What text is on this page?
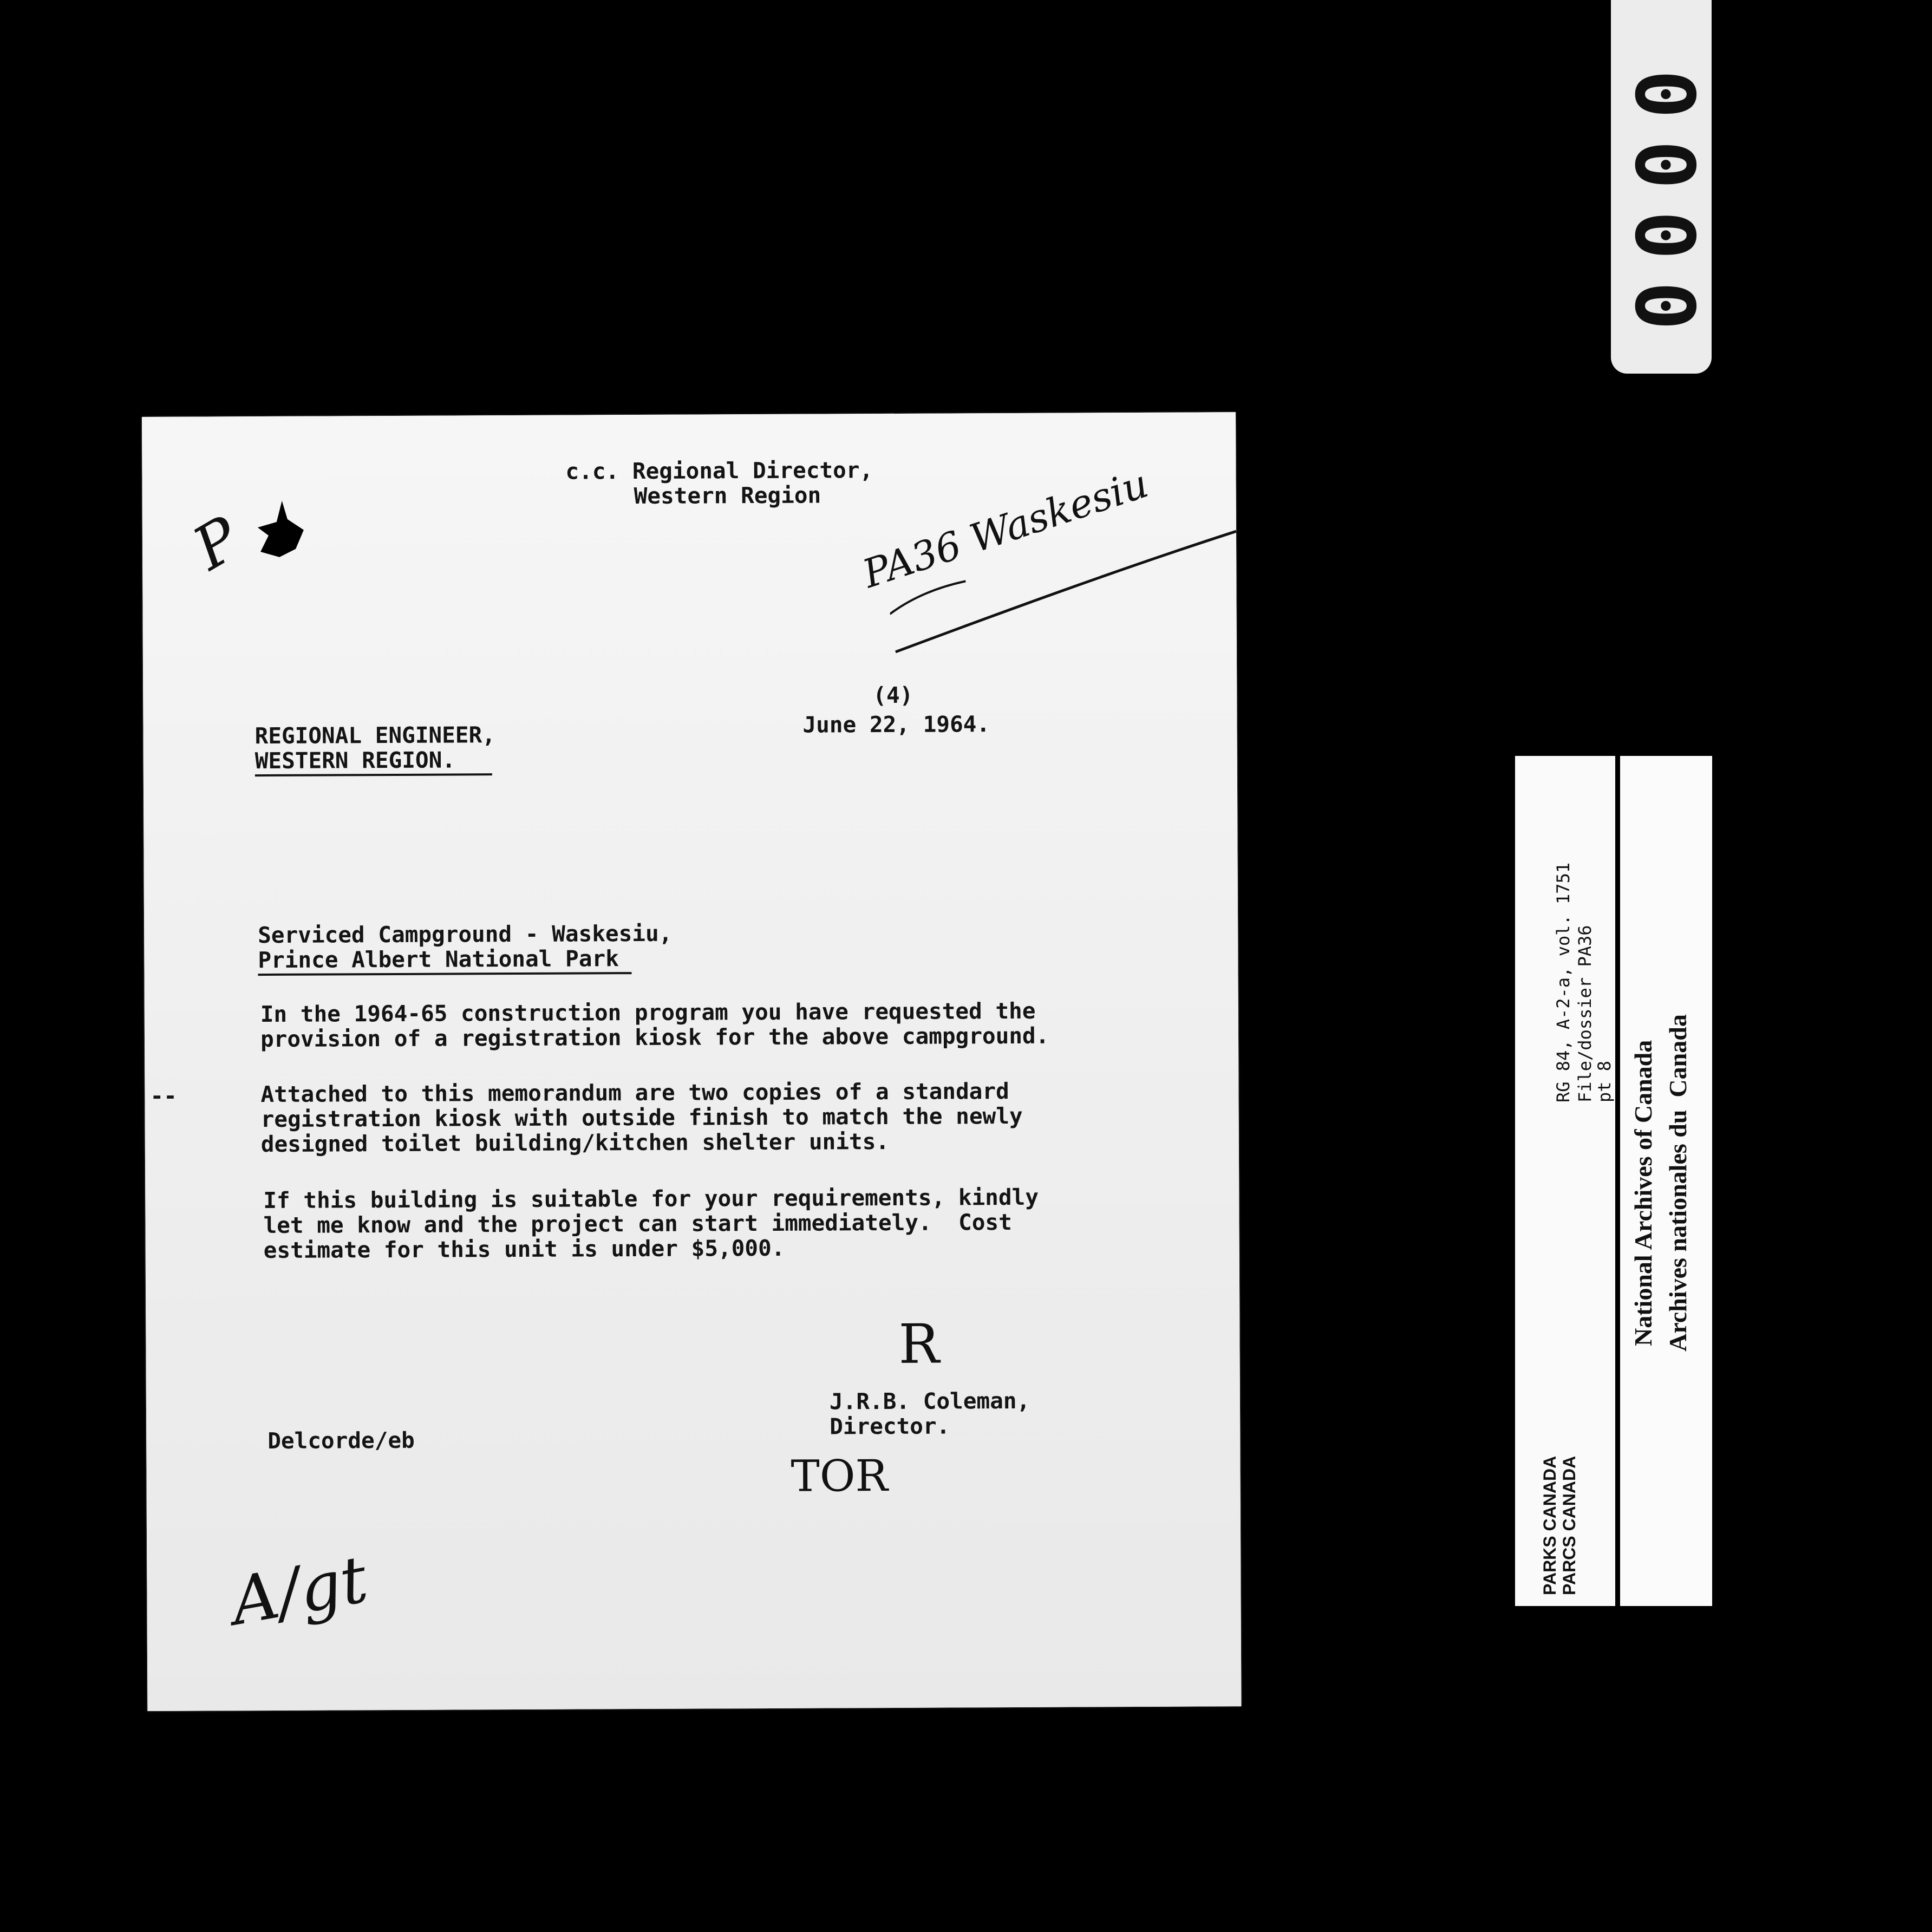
0000
c.c. Regional Director,
Western Region
P	PA36 Waskesiu
(4)
June 22, 1964.
REGIONAL ENGINEER,
WESTERN REGION.
Serviced Campground - Waskesiu,
Prince Albert National Park
In the 1964-65 construction program you have requested the
provision of a registration kiosk for the above campground.
--	Attached to this memorandum are two copies of a standard
registration kiosk with outside finish to match the newly
designed toilet building/kitchen shelter units.
If this building is suitable for your requirements, kindly
let me know and the project can start immediately.  Cost
estimate for this unit is under $5,000.
R
J.R.B. Coleman,
Director.
Delcorde/eb
TOR
A/gt
RG 84, A-2-a, vol. 1751 File/dossier PA36
pt 8
PARKS CANADA PARCS CANADA
National Archives of Canada Archives nationales du  Canada
